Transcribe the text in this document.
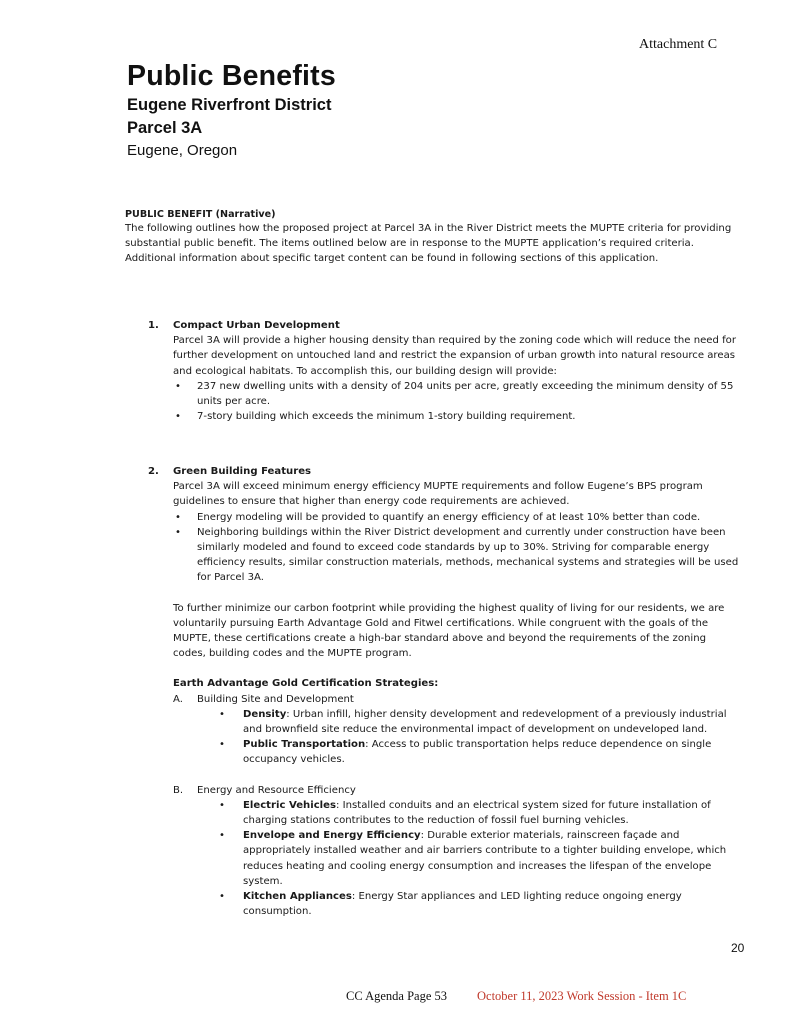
Attachment C
Public Benefits
Eugene Riverfront District
Parcel 3A
Eugene, Oregon
PUBLIC BENEFIT (Narrative)

The following outlines how the proposed project at Parcel 3A in the River District meets the MUPTE criteria for providing substantial public benefit. The items outlined below are in response to the MUPTE application’s required criteria. Additional information about specific target content can be found in following sections of this application.

1. Compact Urban Development

Parcel 3A will provide a higher housing density than required by the zoning code which will reduce the need for further development on untouched land and restrict the expansion of urban growth into natural resource areas and ecological habitats. To accomplish this, our building design will provide:

• 237 new dwelling units with a density of 204 units per acre, greatly exceeding the minimum density of 55 units per acre.
• 7-story building which exceeds the minimum 1-story building requirement.
2. Green Building Features

Parcel 3A will exceed minimum energy efficiency MUPTE requirements and follow Eugene’s BPS program guidelines to ensure that higher than energy code requirements are achieved.

• Energy modeling will be provided to quantify an energy efficiency of at least 10% better than code.
• Neighboring buildings within the River District development and currently under construction have been similarly modeled and found to exceed code standards by up to 30%. Striving for comparable energy efficiency results, similar construction materials, methods, mechanical systems and strategies will be used for Parcel 3A.

To further minimize our carbon footprint while providing the highest quality of living for our residents, we are voluntarily pursuing Earth Advantage Gold and Fitwel certifications. While congruent with the goals of the MUPTE, these certifications create a high-bar standard above and beyond the requirements of the zoning codes, building codes and the MUPTE program.

Earth Advantage Gold Certification Strategies:

A. Building Site and Development
• Density: Urban infill, higher density development and redevelopment of a previously industrial and brownfield site reduce the environmental impact of development on undeveloped land.
• Public Transportation: Access to public transportation helps reduce dependence on single occupancy vehicles.
B. Energy and Resource Efficiency
• Electric Vehicles: Installed conduits and an electrical system sized for future installation of charging stations contributes to the reduction of fossil fuel burning vehicles.
• Envelope and Energy Efficiency: Durable exterior materials, rainscreen façade and appropriately installed weather and air barriers contribute to a tighter building envelope, which reduces heating and cooling energy consumption and increases the lifespan of the envelope system.
• Kitchen Appliances: Energy Star appliances and LED lighting reduce ongoing energy consumption.
20
CC Agenda Page 53 October 11, 2023 Work Session - Item 1C
